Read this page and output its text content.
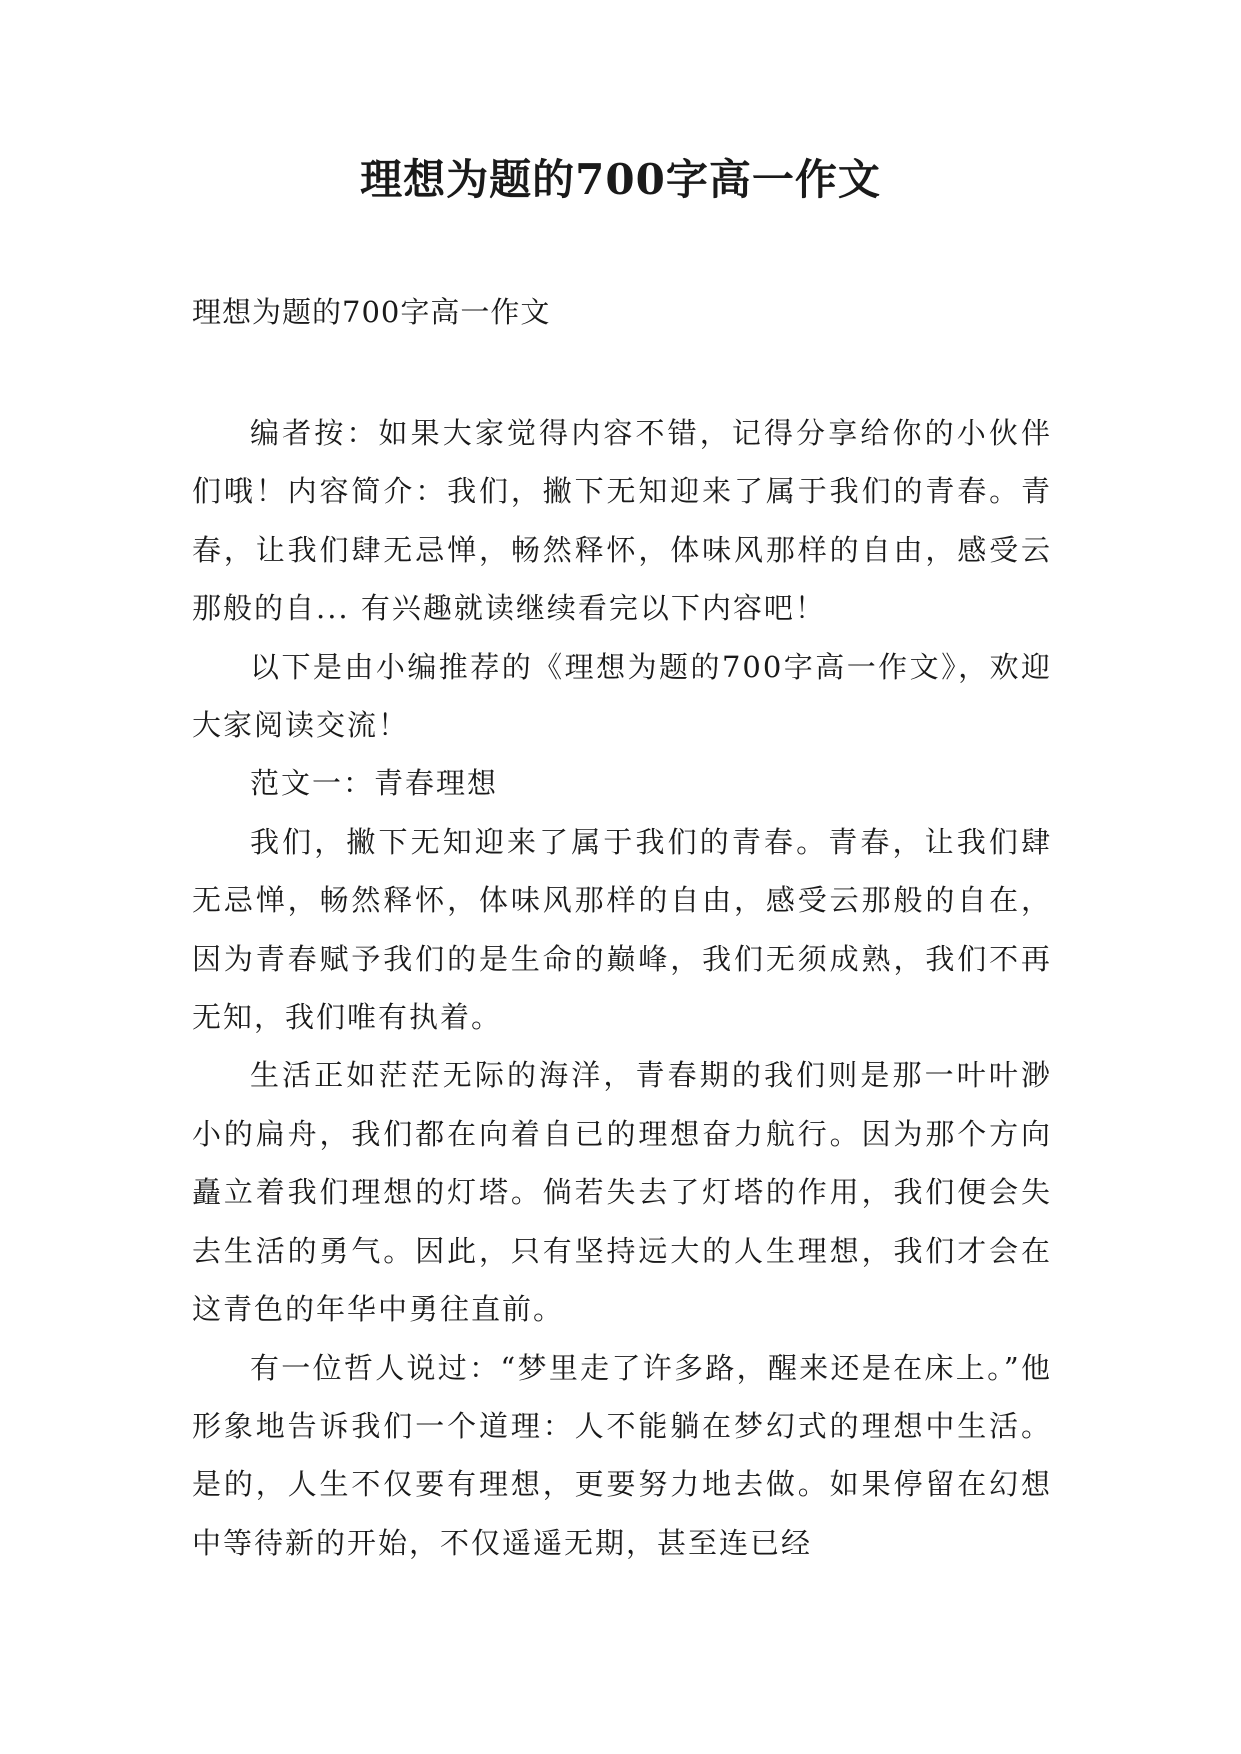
理想为题的700字高一作文

理想为题的700字高一作文

编者按：如果大家觉得内容不错，记得分享给你的小伙伴们哦！内容简介：我们，撇下无知迎来了属于我们的青春。青春，让我们肆无忌惮，畅然释怀，体味风那样的自由，感受云那般的自... 有兴趣就读继续看完以下内容吧！

以下是由小编推荐的《理想为题的700字高一作文》，欢迎大家阅读交流！

范文一：青春理想

我们，撇下无知迎来了属于我们的青春。青春，让我们肆无忌惮，畅然释怀，体味风那样的自由，感受云那般的自在，因为青春赋予我们的是生命的巅峰，我们无须成熟，我们不再无知，我们唯有执着。

生活正如茫茫无际的海洋，青春期的我们则是那一叶叶渺小的扁舟，我们都在向着自已的理想奋力航行。因为那个方向矗立着我们理想的灯塔。倘若失去了灯塔的作用，我们便会失去生活的勇气。因此，只有坚持远大的人生理想，我们才会在这青色的年华中勇往直前。

有一位哲人说过：“梦里走了许多路，醒来还是在床上。”他形象地告诉我们一个道理：人不能躺在梦幻式的理想中生活。是的，人生不仅要有理想，更要努力地去做。如果停留在幻想中等待新的开始，不仅遥遥无期，甚至连已经
